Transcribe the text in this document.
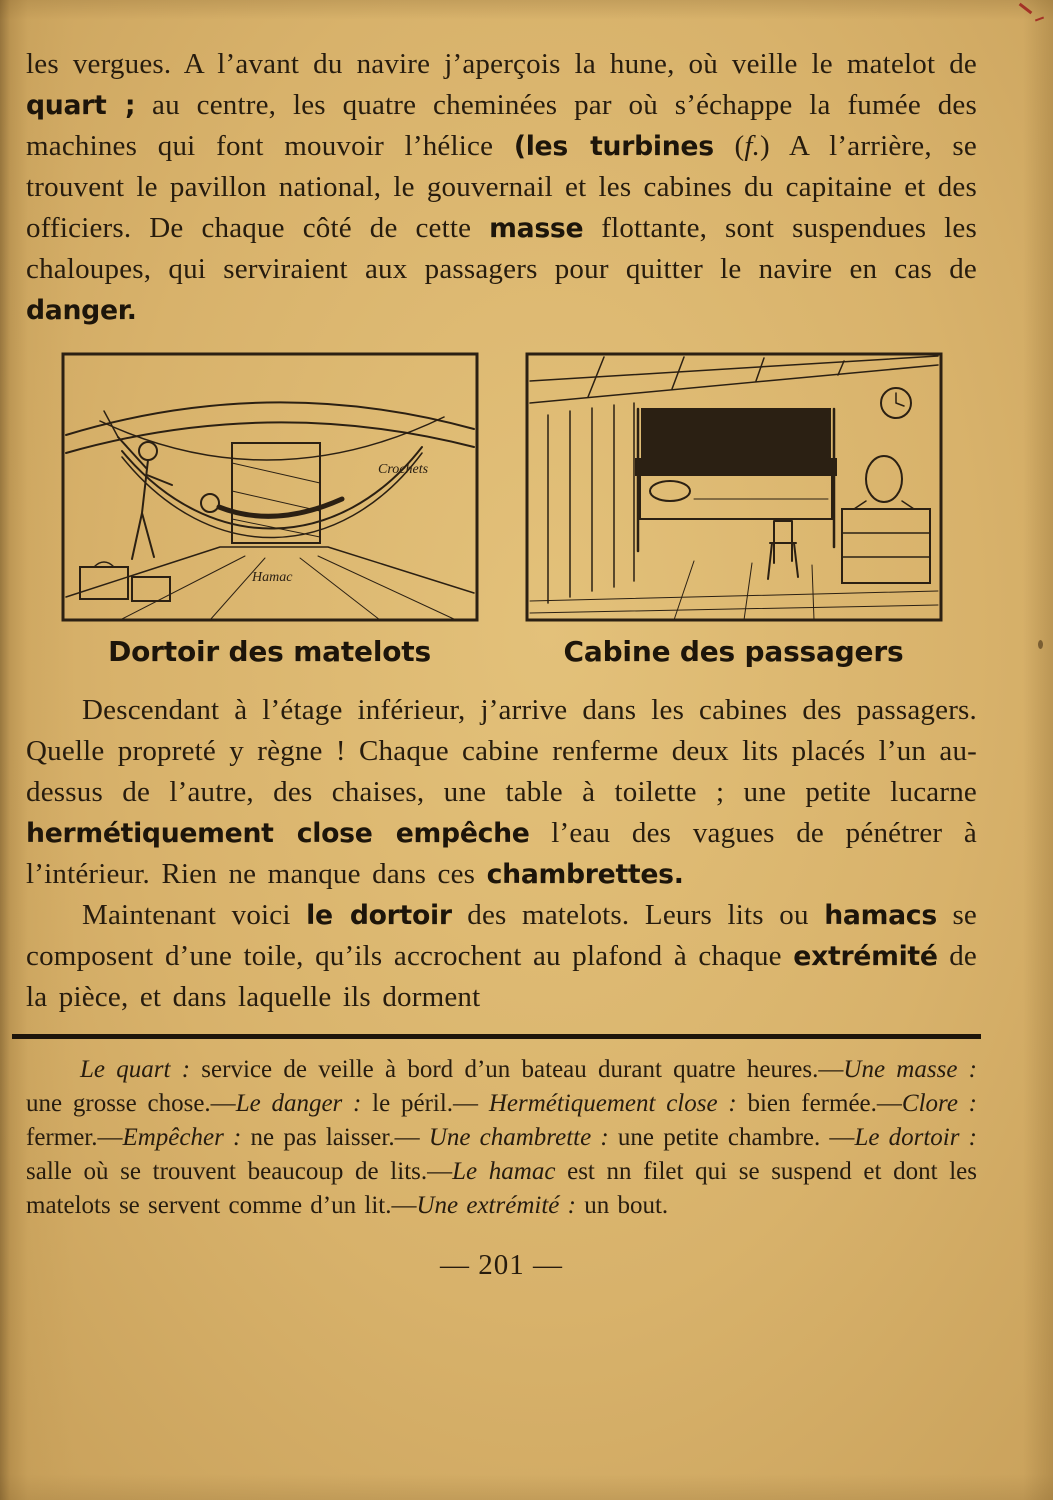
les vergues. A l’avant du navire j’aperçois la hune, où veille le matelot de quart ; au centre, les quatre cheminées par où s’échappe la fumée des machines qui font mouvoir l’hélice (les turbines (f.) A l’arrière, se trouvent le pavillon national, le gouvernail et les cabines du capitaine et des officiers. De chaque côté de cette masse flottante, sont suspendues les chaloupes, qui serviraient aux passagers pour quitter le navire en cas de danger.

Crochets
Hamac
Dortoir des matelots	Cabine des passagers

Descendant à l’étage inférieur, j’arrive dans les cabines des passagers. Quelle propreté y règne ! Chaque cabine renferme deux lits placés l’un au-dessus de l’autre, des chaises, une table à toilette ; une petite lucarne hermétiquement close empêche l’eau des vagues de pénétrer à l’intérieur. Rien ne manque dans ces chambrettes.

Maintenant voici le dortoir des matelots. Leurs lits ou hamacs se composent d’une toile, qu’ils accrochent au plafond à chaque extrémité de la pièce, et dans laquelle ils dorment

Le quart : service de veille à bord d’un bateau durant quatre heures.—Une masse : une grosse chose.—Le danger : le péril.— Hermétiquement close : bien fermée.—Clore : fermer.—Empêcher : ne pas laisser.— Une chambrette : une petite chambre. —Le dortoir : salle où se trouvent beaucoup de lits.—Le hamac est nn filet qui se suspend et dont les matelots se servent comme d’un lit.—Une extrémité : un bout.

— 201 —
